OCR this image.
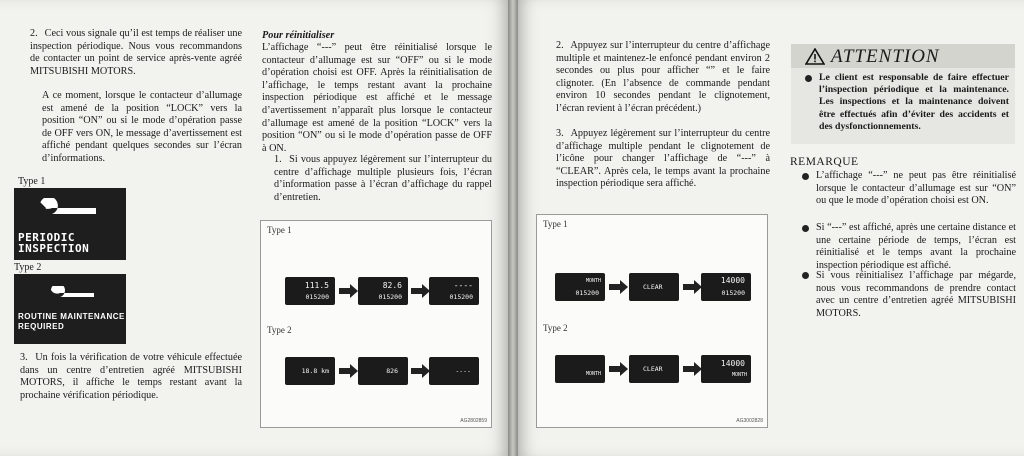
2. Ceci vous signale qu’il est temps de réaliser une inspection périodique. Nous vous recommandons de contacter un point de service après-vente agréé MITSUBISHI MOTORS.
A ce moment, lorsque le contacteur d’allumage est amené de la position “LOCK” vers la position “ON” ou si le mode d’opération passe de OFF vers ON, le message d’avertissement est affiché pendant quelques secondes sur l’écran d’informations.
Type 1
PERIODIC
INSPECTION
Type 2
ROUTINE MAINTENANCE
REQUIRED
3. Un fois la vérification de votre véhicule effectuée dans un centre d’entretien agréé MITSUBISHI MOTORS, il affiche le temps restant avant la prochaine vérification périodique.
Pour réinitialiser
L’affichage “---” peut être réinitialisé lorsque le contacteur d’allumage est sur “OFF” ou si le mode d’opération choisi est OFF. Après la réinitialisation de l’affichage, le temps restant avant la prochaine inspection périodique est affiché et le message d’avertissement n’apparaît plus lorsque le contacteur d’allumage est amené de la position “LOCK” vers la position “ON” ou si le mode d’opération passe de OFF à ON.
1. Si vous appuyez légèrement sur l’interrupteur du centre d’affichage multiple plusieurs fois, l’écran d’information passe à l’écran d’affichage du rappel d’entretien.
Type 1
111.5
015200
82.6
015200
----
015200
Type 2
18.8 km	826	----
AG2802859
2. Appuyez sur l’interrupteur du centre d’affichage multiple et maintenez-le enfoncé pendant environ 2 secondes ou plus pour afficher “” et le faire clignoter. (En l’absence de commande pendant environ 10 secondes pendant le clignotement, l’écran revient à l’écran précédent.)
3. Appuyez légèrement sur l’interrupteur du centre d’affichage multiple pendant le clignotement de l’icône pour changer l’affichage de “---” à “CLEAR”. Après cela, le temps avant la prochaine inspection périodique sera affiché.
Type 1
MONTH
015200
CLEAR
14000
015200
Type 2
MONTH
CLEAR
14000
MONTH
AG3002828
ATTENTION
Le client est responsable de faire effectuer l’inspection périodique et la maintenance. Les inspections et la maintenance doivent être effectués afin d’éviter des accidents et des dysfonctionnements.
REMARQUE
L’affichage “---” ne peut pas être réinitialisé lorsque le contacteur d’allumage est sur “ON” ou que le mode d’opération choisi est ON.
Si “---” est affiché, après une certaine distance et une certaine période de temps, l’écran est réinitialisé et le temps avant la prochaine inspection périodique est affiché.
Si vous réinitialisez l’affichage par mégarde, nous vous recommandons de prendre contact avec un centre d’entretien agréé MITSUBISHI MOTORS.
